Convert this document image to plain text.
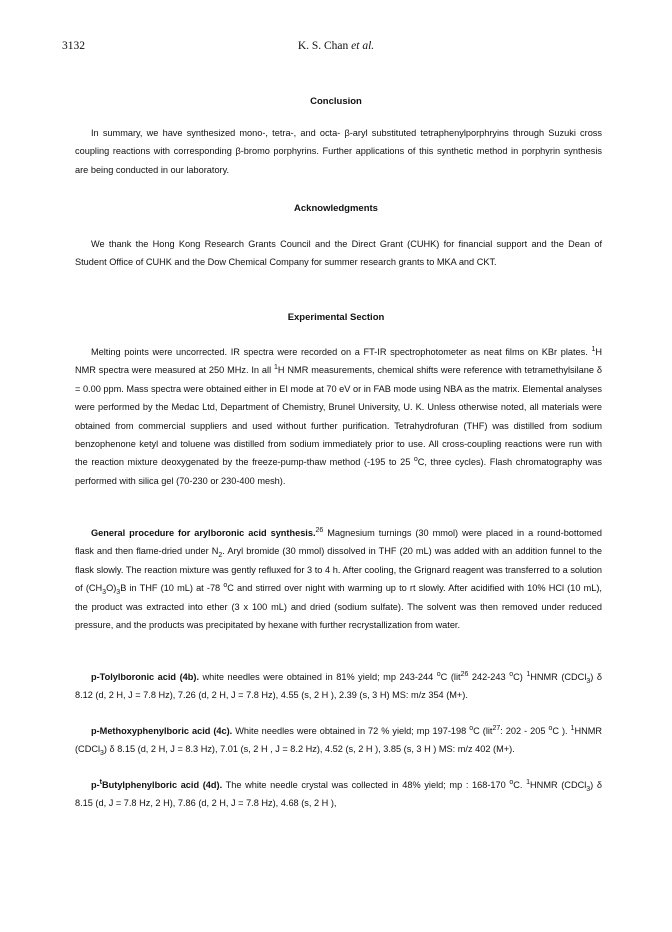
3132	K. S. Chan et al.
Conclusion

In summary, we have synthesized mono-, tetra-, and octa- β-aryl substituted tetraphenylporphryins through Suzuki cross coupling reactions with corresponding β-bromo porphyrins. Further applications of this synthetic method in porphyrin synthesis are being conducted in our laboratory.

Acknowledgments

We thank the Hong Kong Research Grants Council and the Direct Grant (CUHK) for financial support and the Dean of Student Office of CUHK and the Dow Chemical Company for summer research grants to MKA and CKT.

Experimental Section

Melting points were uncorrected. IR spectra were recorded on a FT-IR spectrophotometer as neat films on KBr plates. $^1$H NMR spectra were measured at 250 MHz. In all $^1$H NMR measurements, chemical shifts were reference with tetramethylsilane δ = 0.00 ppm. Mass spectra were obtained either in EI mode at 70 eV or in FAB mode using NBA as the matrix. Elemental analyses were performed by the Medac Ltd, Department of Chemistry, Brunel University, U. K. Unless otherwise noted, all materials were obtained from commercial suppliers and used without further purification. Tetrahydrofuran (THF) was distilled from sodium benzophenone ketyl and toluene was distilled from sodium immediately prior to use. All cross-coupling reactions were run with the reaction mixture deoxygenated by the freeze-pump-thaw method (-195 to 25 $^o$C, three cycles). Flash chromatography was performed with silica gel (70-230 or 230-400 mesh).

General procedure for arylboronic acid synthesis.$^{26}$ Magnesium turnings (30 mmol) were placed in a round-bottomed flask and then flame-dried under $N_2$. Aryl bromide (30 mmol) dissolved in THF (20 mL) was added with an addition funnel to the flask slowly. The reaction mixture was gently refluxed for 3 to 4 h. After cooling, the Grignard reagent was transferred to a solution of $(CH_3O)_3B$ in THF (10 mL) at -78 $^o$C and stirred over night with warming up to rt slowly. After acidified with 10% HCl (10 mL), the product was extracted into ether (3 x 100 mL) and dried (sodium sulfate). The solvent was then removed under reduced pressure, and the products was precipitated by hexane with further recrystallization from water.

p-Tolylboronic acid (4b). white needles were obtained in 81% yield; mp 243-244 $^o$C (lit$^{26}$ 242-243 $^o$C) $^1$HNMR (CDCl$_3$) δ 8.12 (d, 2 H, J = 7.8 Hz), 7.26 (d, 2 H, J = 7.8 Hz), 4.55 (s, 2 H ), 2.39 (s, 3 H) MS: m/z 354 (M+).

p-Methoxyphenylboric acid (4c). White needles were obtained in 72 % yield; mp 197-198 $^o$C (lit$^{27}$: 202 - 205 $^o$C ). $^1$HNMR (CDCl$_3$) δ 8.15 (d, 2 H, J = 8.3 Hz), 7.01 (s, 2 H , J = 8.2 Hz), 4.52 (s, 2 H ), 3.85 (s, 3 H ) MS: m/z 402 (M+).

p-$^t$Butylphenylboric acid (4d). The white needle crystal was collected in 48% yield; mp : 168-170 $^o$C. $^1$HNMR (CDCl$_3$) δ 8.15 (d, J = 7.8 Hz, 2 H), 7.86 (d, 2 H, J = 7.8 Hz), 4.68 (s, 2 H ),
